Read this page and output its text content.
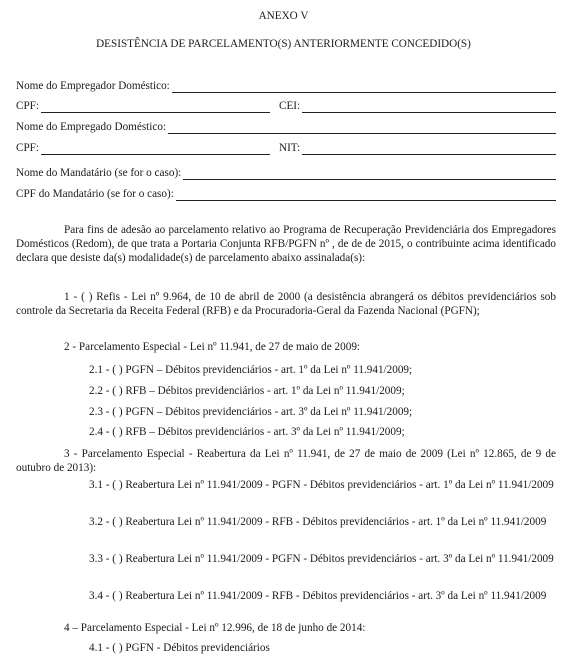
ANEXO V
DESISTÊNCIA DE PARCELAMENTO(S) ANTERIORMENTE CONCEDIDO(S)
Nome do Empregador Doméstico:
CPF:	CEI:
Nome do Empregado Doméstico:
CPF:	NIT:
Nome do Mandatário (se for o caso):
CPF do Mandatário (se for o caso):
Para fins de adesão ao parcelamento relativo ao Programa de Recuperação Previdenciária dos Empregadores Domésticos (Redom), de que trata a Portaria Conjunta RFB/PGFN nº , de de de 2015, o contribuinte acima identificado declara que desiste da(s) modalidade(s) de parcelamento abaixo assinalada(s):
1 - ( ) Refis - Lei nº 9.964, de 10 de abril de 2000 (a desistência abrangerá os débitos previdenciários sob controle da Secretaria da Receita Federal (RFB) e da Procuradoria-Geral da Fazenda Nacional (PGFN);
2 - Parcelamento Especial - Lei nº 11.941, de 27 de maio de 2009:
2.1 - ( ) PGFN – Débitos previdenciários - art. 1º da Lei nº 11.941/2009;
2.2 - ( ) RFB – Débitos previdenciários - art. 1º da Lei nº 11.941/2009;
2.3 - ( ) PGFN – Débitos previdenciários - art. 3º da Lei nº 11.941/2009;
2.4 - ( ) RFB – Débitos previdenciários - art. 3º da Lei nº 11.941/2009;
3 - Parcelamento Especial - Reabertura da Lei nº 11.941, de 27 de maio de 2009 (Lei nº 12.865, de 9 de outubro de 2013):
3.1 - ( ) Reabertura Lei nº 11.941/2009 - PGFN - Débitos previdenciários - art. 1º da Lei nº 11.941/2009
3.2 - ( ) Reabertura Lei nº 11.941/2009 - RFB - Débitos previdenciários - art. 1º da Lei nº 11.941/2009
3.3 - ( ) Reabertura Lei nº 11.941/2009 - PGFN - Débitos previdenciários - art. 3º da Lei nº 11.941/2009
3.4 - ( ) Reabertura Lei nº 11.941/2009 - RFB - Débitos previdenciários - art. 3º da Lei nº 11.941/2009
4 – Parcelamento Especial - Lei nº 12.996, de 18 de junho de 2014:
4.1 - ( ) PGFN - Débitos previdenciários
